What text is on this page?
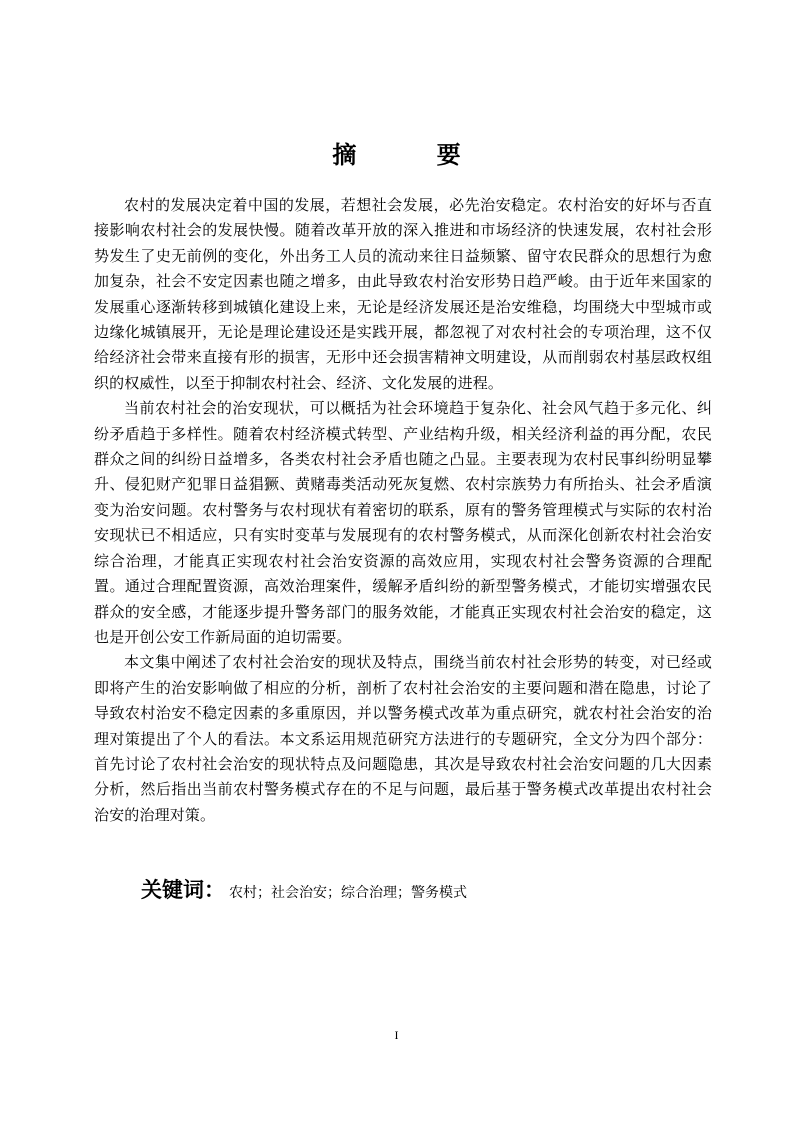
摘 要

农村的发展决定着中国的发展，若想社会发展，必先治安稳定。农村治安的好坏与否直接影响农村社会的发展快慢。随着改革开放的深入推进和市场经济的快速发展，农村社会形势发生了史无前例的变化，外出务工人员的流动来往日益频繁、留守农民群众的思想行为愈加复杂，社会不安定因素也随之增多，由此导致农村治安形势日趋严峻。由于近年来国家的发展重心逐渐转移到城镇化建设上来，无论是经济发展还是治安维稳，均围绕大中型城市或边缘化城镇展开，无论是理论建设还是实践开展，都忽视了对农村社会的专项治理，这不仅给经济社会带来直接有形的损害，无形中还会损害精神文明建设，从而削弱农村基层政权组织的权威性，以至于抑制农村社会、经济、文化发展的进程。

当前农村社会的治安现状，可以概括为社会环境趋于复杂化、社会风气趋于多元化、纠纷矛盾趋于多样性。随着农村经济模式转型、产业结构升级，相关经济利益的再分配，农民群众之间的纠纷日益增多，各类农村社会矛盾也随之凸显。主要表现为农村民事纠纷明显攀升、侵犯财产犯罪日益猖獗、黄赌毒类活动死灰复燃、农村宗族势力有所抬头、社会矛盾演变为治安问题。农村警务与农村现状有着密切的联系，原有的警务管理模式与实际的农村治安现状已不相适应，只有实时变革与发展现有的农村警务模式，从而深化创新农村社会治安综合治理，才能真正实现农村社会治安资源的高效应用，实现农村社会警务资源的合理配置。通过合理配置资源，高效治理案件，缓解矛盾纠纷的新型警务模式，才能切实增强农民群众的安全感，才能逐步提升警务部门的服务效能，才能真正实现农村社会治安的稳定，这也是开创公安工作新局面的迫切需要。

本文集中阐述了农村社会治安的现状及特点，围绕当前农村社会形势的转变，对已经或即将产生的治安影响做了相应的分析，剖析了农村社会治安的主要问题和潜在隐患，讨论了导致农村治安不稳定因素的多重原因，并以警务模式改革为重点研究，就农村社会治安的治理对策提出了个人的看法。本文系运用规范研究方法进行的专题研究，全文分为四个部分：首先讨论了农村社会治安的现状特点及问题隐患，其次是导致农村社会治安问题的几大因素分析，然后指出当前农村警务模式存在的不足与问题，最后基于警务模式改革提出农村社会治安的治理对策。

关键词： 农村；社会治安；综合治理；警务模式
I
